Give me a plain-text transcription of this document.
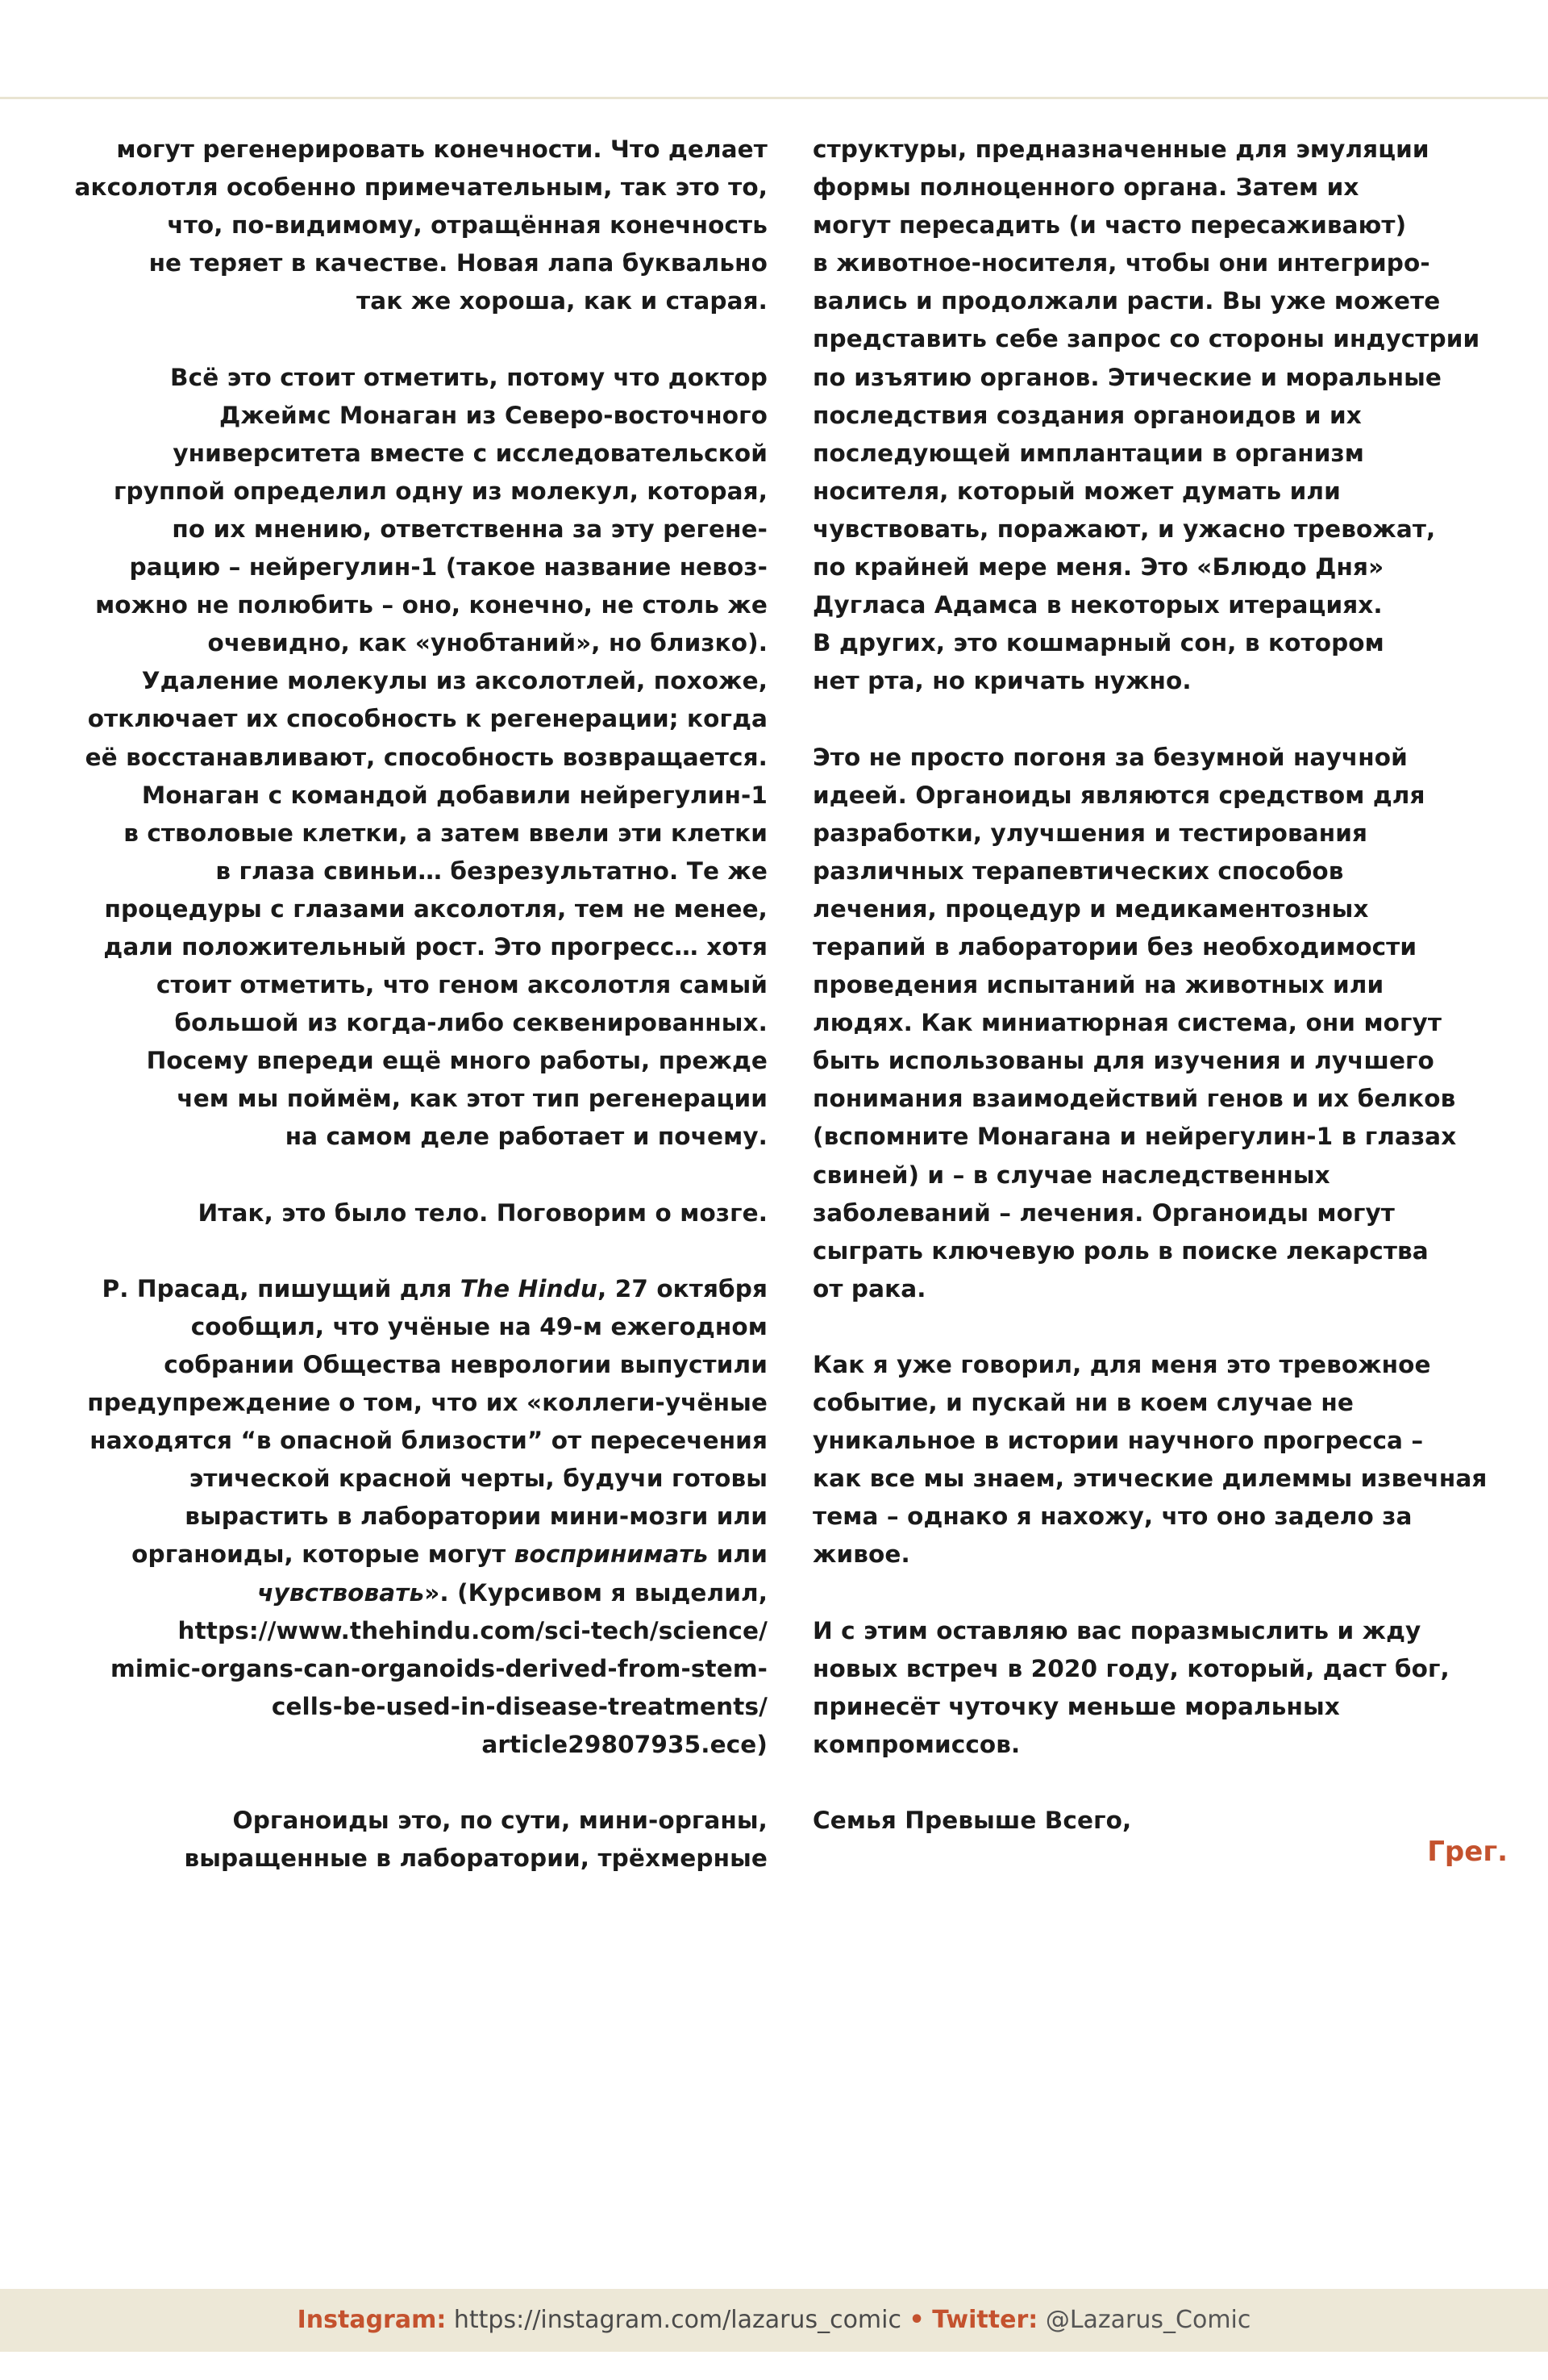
могут регенерировать конечности. Что делает
аксолотля особенно примечательным, так это то,
что, по-видимому, отращённая конечность
не теряет в качестве. Новая лапа буквально
так же хороша, как и старая.
Всё это стоит отметить, потому что доктор
Джеймс Монаган из Северо-восточного
университета вместе с исследовательской
группой определил одну из молекул, которая,
по их мнению, ответственна за эту регене-
рацию – нейрегулин-1 (такое название невоз-
можно не полюбить – оно, конечно, не столь же
очевидно, как «унобтаний», но близко).
Удаление молекулы из аксолотлей, похоже,
отключает их способность к регенерации; когда
её восстанавливают, способность возвращается.
Монаган с командой добавили нейрегулин-1
в стволовые клетки, а затем ввели эти клетки
в глаза свиньи… безрезультатно. Те же
процедуры с глазами аксолотля, тем не менее,
дали положительный рост. Это прогресс… хотя
стоит отметить, что геном аксолотля самый
большой из когда-либо секвенированных.
Посему впереди ещё много работы, прежде
чем мы поймём, как этот тип регенерации
на самом деле работает и почему.
Итак, это было тело. Поговорим о мозге.
Р. Прасад, пишущий для The Hindu, 27 октября
сообщил, что учёные на 49-м ежегодном
собрании Общества неврологии выпустили
предупреждение о том, что их «коллеги-учёные
находятся “в опасной близости” от пересечения
этической красной черты, будучи готовы
вырастить в лаборатории мини-мозги или
органоиды, которые могут воспринимать или
чувствовать». (Курсивом я выделил,
https://www.thehindu.com/sci-tech/science/
mimic-organs-can-organoids-derived-from-stem-
cells-be-used-in-disease-treatments/
article29807935.ece)
Органоиды это, по сути, мини-органы,
выращенные в лаборатории, трёхмерные
структуры, предназначенные для эмуляции
формы полноценного органа. Затем их
могут пересадить (и часто пересаживают)
в животное-носителя, чтобы они интегриро-
вались и продолжали расти. Вы уже можете
представить себе запрос со стороны индустрии
по изъятию органов. Этические и моральные
последствия создания органоидов и их
последующей имплантации в организм
носителя, который может думать или
чувствовать, поражают, и ужасно тревожат,
по крайней мере меня. Это «Блюдо Дня»
Дугласа Адамса в некоторых итерациях.
В других, это кошмарный сон, в котором
нет рта, но кричать нужно.
Это не просто погоня за безумной научной
идеей. Органоиды являются средством для
разработки, улучшения и тестирования
различных терапевтических способов
лечения, процедур и медикаментозных
терапий в лаборатории без необходимости
проведения испытаний на животных или
людях. Как миниатюрная система, они могут
быть использованы для изучения и лучшего
понимания взаимодействий генов и их белков
(вспомните Монагана и нейрегулин-1 в глазах
свиней) и – в случае наследственных
заболеваний – лечения. Органоиды могут
сыграть ключевую роль в поиске лекарства
от рака.
Как я уже говорил, для меня это тревожное
событие, и пускай ни в коем случае не
уникальное в истории научного прогресса –
как все мы знаем, этические дилеммы извечная
тема – однако я нахожу, что оно задело за
живое.
И с этим оставляю вас поразмыслить и жду
новых встреч в 2020 году, который, даст бог,
принесёт чуточку меньше моральных
компромиссов.
Семья Превыше Всего,
Грег.
Instagram: https://instagram.com/lazarus_comic • Twitter: @Lazarus_Comic
